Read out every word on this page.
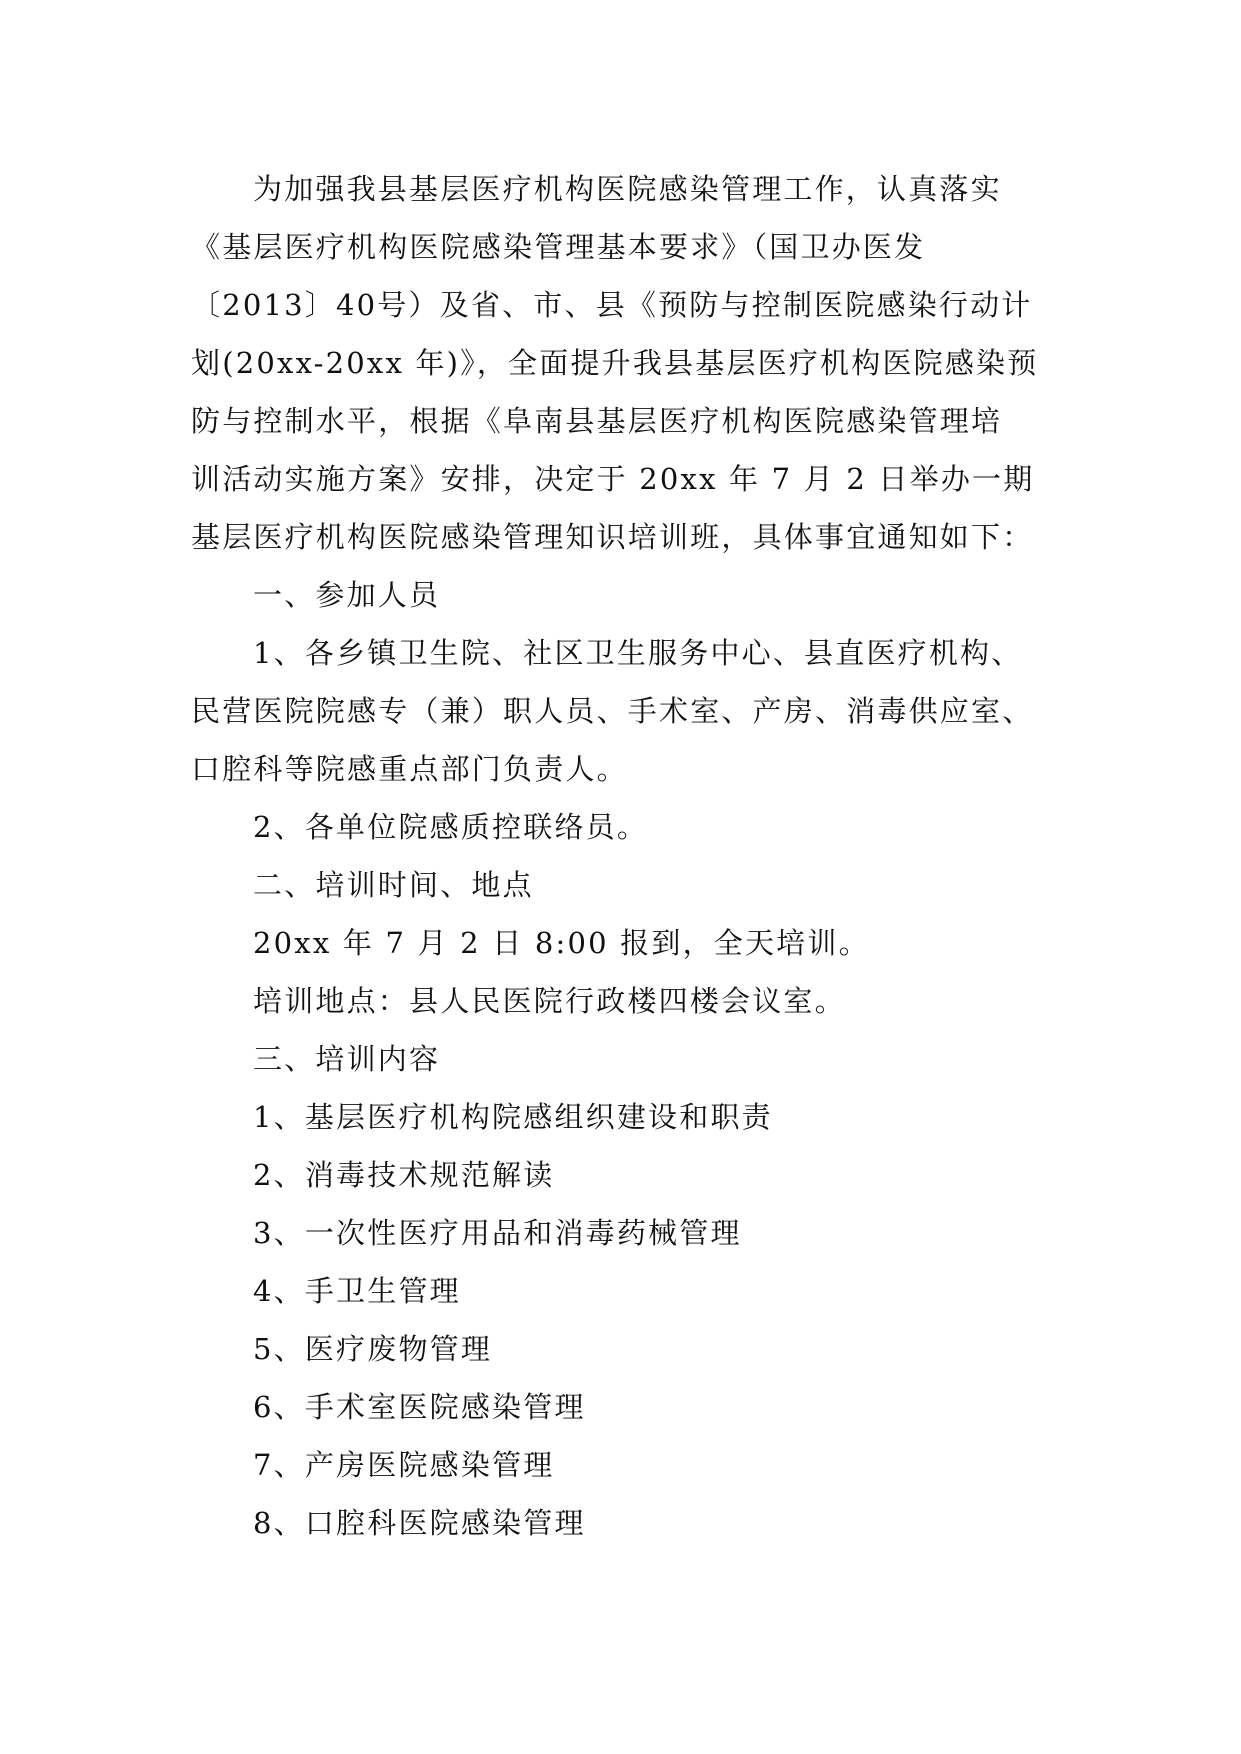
为加强我县基层医疗机构医院感染管理工作，认真落实

《基层医疗机构医院感染管理基本要求》（国卫办医发

〔2013〕40号）及省、市、县《预防与控制医院感染行动计

划(20xx-20xx 年)》，全面提升我县基层医疗机构医院感染预

防与控制水平，根据《阜南县基层医疗机构医院感染管理培

训活动实施方案》安排，决定于 20xx 年 7 月 2 日举办一期

基层医疗机构医院感染管理知识培训班，具体事宜通知如下：

一、参加人员

1、各乡镇卫生院、社区卫生服务中心、县直医疗机构、

民营医院院感专（兼）职人员、手术室、产房、消毒供应室、

口腔科等院感重点部门负责人。

2、各单位院感质控联络员。

二、培训时间、地点

20xx 年 7 月 2 日 8:00 报到，全天培训。

培训地点：县人民医院行政楼四楼会议室。

三、培训内容

1、基层医疗机构院感组织建设和职责

2、消毒技术规范解读

3、一次性医疗用品和消毒药械管理

4、手卫生管理

5、医疗废物管理

6、手术室医院感染管理

7、产房医院感染管理

8、口腔科医院感染管理
